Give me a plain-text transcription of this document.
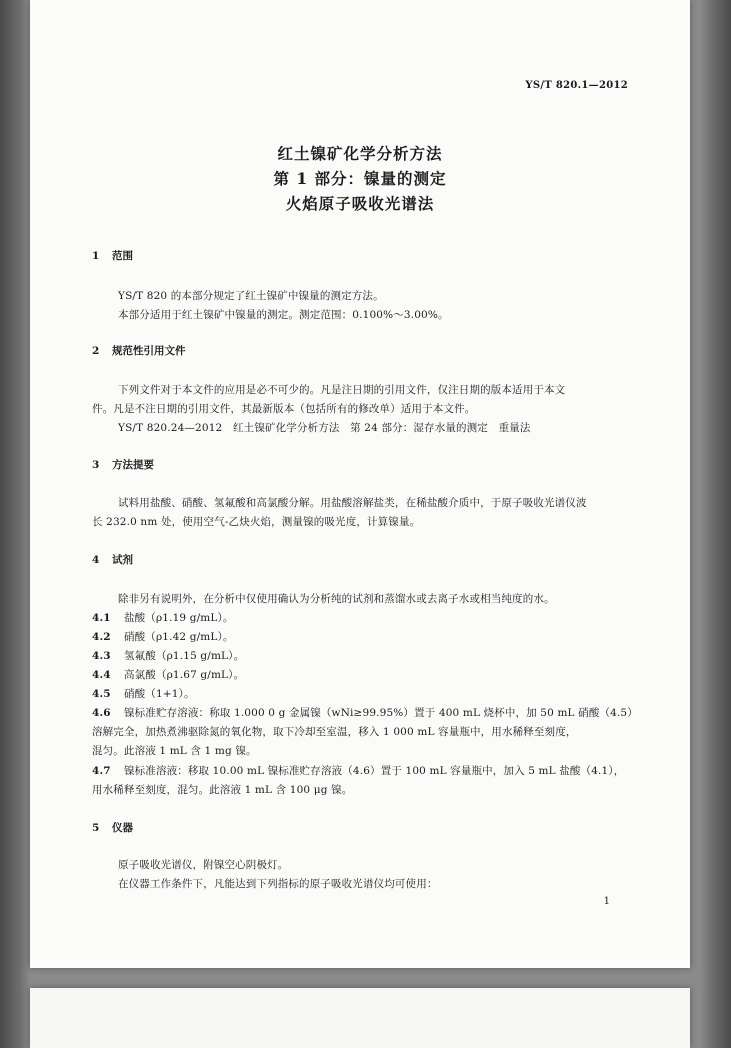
YS/T 820.1—2012
红土镍矿化学分析方法
第 1 部分：镍量的测定
火焰原子吸收光谱法
1 范围
YS/T 820 的本部分规定了红土镍矿中镍量的测定方法。
本部分适用于红土镍矿中镍量的测定。测定范围：0.100%～3.00%。
2 规范性引用文件
下列文件对于本文件的应用是必不可少的。凡是注日期的引用文件，仅注日期的版本适用于本文
件。凡是不注日期的引用文件，其最新版本（包括所有的修改单）适用于本文件。
YS/T 820.24—2012　红土镍矿化学分析方法　第 24 部分：湿存水量的测定　重量法
3 方法提要
试料用盐酸、硝酸、氢氟酸和高氯酸分解。用盐酸溶解盐类，在稀盐酸介质中，于原子吸收光谱仪波
长 232.0 nm 处，使用空气-乙炔火焰，测量镍的吸光度，计算镍量。
4 试剂
除非另有说明外，在分析中仅使用确认为分析纯的试剂和蒸馏水或去离子水或相当纯度的水。
4.1 盐酸（ρ1.19 g/mL）。
4.2 硝酸（ρ1.42 g/mL）。
4.3 氢氟酸（ρ1.15 g/mL）。
4.4 高氯酸（ρ1.67 g/mL）。
4.5 硝酸（1+1）。
4.6 镍标准贮存溶液：称取 1.000 0 g 金属镍（wNi≥99.95%）置于 400 mL 烧杯中，加 50 mL 硝酸（4.5）
溶解完全，加热煮沸驱除氮的氧化物，取下冷却至室温，移入 1 000 mL 容量瓶中，用水稀释至刻度，
混匀。此溶液 1 mL 含 1 mg 镍。
4.7 镍标准溶液：移取 10.00 mL 镍标准贮存溶液（4.6）置于 100 mL 容量瓶中，加入 5 mL 盐酸（4.1），
用水稀释至刻度，混匀。此溶液 1 mL 含 100 μg 镍。
5 仪器
原子吸收光谱仪，附镍空心阴极灯。
在仪器工作条件下，凡能达到下列指标的原子吸收光谱仪均可使用：
1
